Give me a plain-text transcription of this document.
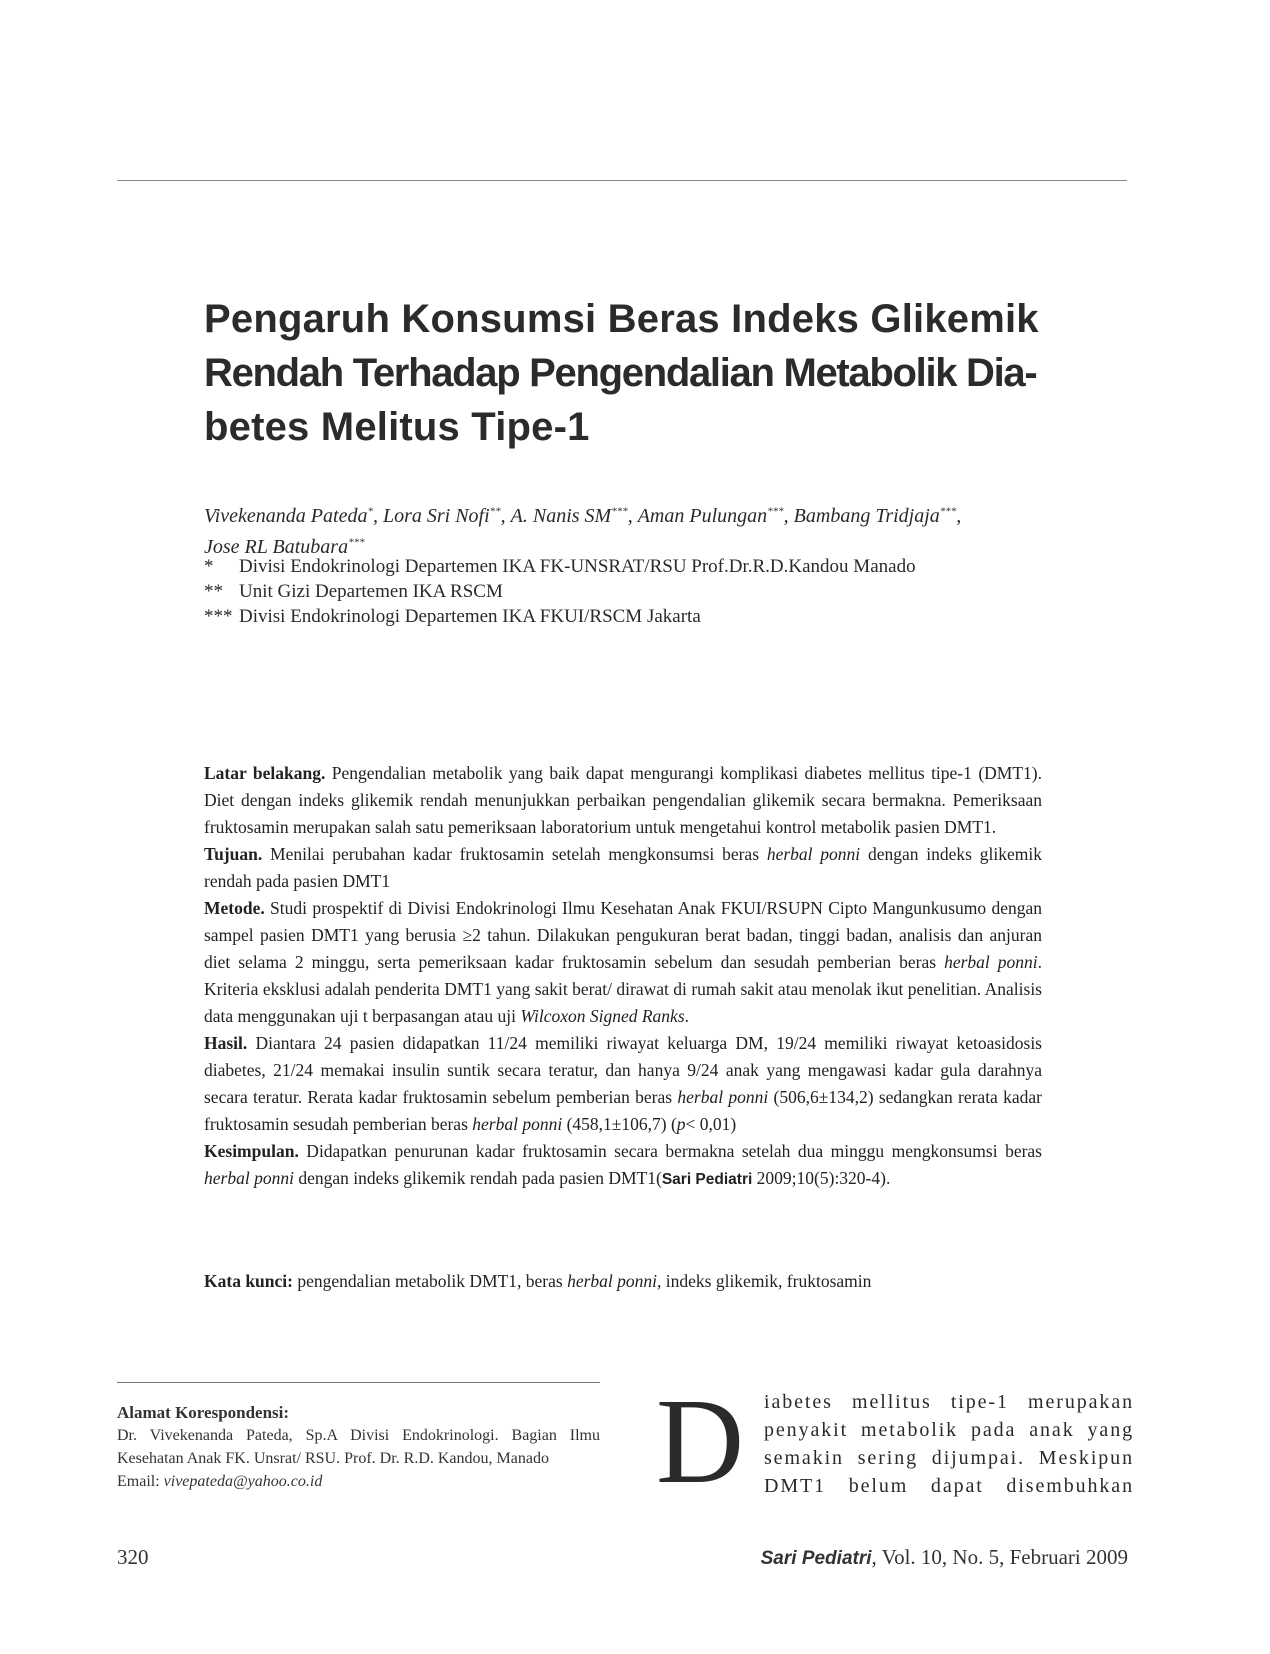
Pengaruh Konsumsi Beras Indeks Glikemik
Rendah Terhadap Pengendalian Metabolik Dia-
betes Melitus Tipe-1
Vivekenanda Pateda*, Lora Sri Nofi**, A. Nanis SM***, Aman Pulungan***, Bambang Tridjaja***,
Jose RL Batubara***
*	Divisi Endokrinologi Departemen IKA FK-UNSRAT/RSU Prof.Dr.R.D.Kandou Manado
** Unit Gizi Departemen IKA RSCM
*** Divisi Endokrinologi Departemen IKA FKUI/RSCM Jakarta

Latar belakang. Pengendalian metabolik yang baik dapat mengurangi komplikasi diabetes mellitus tipe-1 (DMT1). Diet dengan indeks glikemik rendah menunjukkan perbaikan pengendalian glikemik secara bermakna. Pemeriksaan fruktosamin merupakan salah satu pemeriksaan laboratorium untuk mengetahui kontrol metabolik pasien DMT1.

Tujuan. Menilai perubahan kadar fruktosamin setelah mengkonsumsi beras herbal ponni dengan indeks glikemik rendah pada pasien DMT1

Metode. Studi prospektif di Divisi Endokrinologi Ilmu Kesehatan Anak FKUI/RSUPN Cipto Mangunkusumo dengan sampel pasien DMT1 yang berusia ≥2 tahun. Dilakukan pengukuran berat badan, tinggi badan, analisis dan anjuran diet selama 2 minggu, serta pemeriksaan kadar fruktosamin sebelum dan sesudah pemberian beras herbal ponni. Kriteria eksklusi adalah penderita DMT1 yang sakit berat/ dirawat di rumah sakit atau menolak ikut penelitian. Analisis data menggunakan uji t berpasangan atau uji Wilcoxon Signed Ranks.

Hasil. Diantara 24 pasien didapatkan 11/24 memiliki riwayat keluarga DM, 19/24 memiliki riwayat ketoasidosis diabetes, 21/24 memakai insulin suntik secara teratur, dan hanya 9/24 anak yang mengawasi kadar gula darahnya secara teratur. Rerata kadar fruktosamin sebelum pemberian beras herbal ponni (506,6±134,2) sedangkan rerata kadar fruktosamin sesudah pemberian beras herbal ponni (458,1±106,7) (p< 0,01)

Kesimpulan. Didapatkan penurunan kadar fruktosamin secara bermakna setelah dua minggu mengkonsumsi beras herbal ponni dengan indeks glikemik rendah pada pasien DMT1(Sari Pediatri 2009;10(5):320-4).

Kata kunci: pengendalian metabolik DMT1, beras herbal ponni, indeks glikemik, fruktosamin
Alamat Korespondensi:
Dr. Vivekenanda Pateda, Sp.A Divisi Endokrinologi. Bagian Ilmu Kesehatan Anak FK. Unsrat/ RSU. Prof. Dr. R.D. Kandou, Manado
Email: vivepateda@yahoo.co.id	D iabetes mellitus tipe-1 merupakan
penyakit metabolik pada anak yang
semakin sering dijumpai. Meskipun
DMT1 belum dapat disembuhkan
320	Sari Pediatri, Vol. 10, No. 5, Februari 2009
